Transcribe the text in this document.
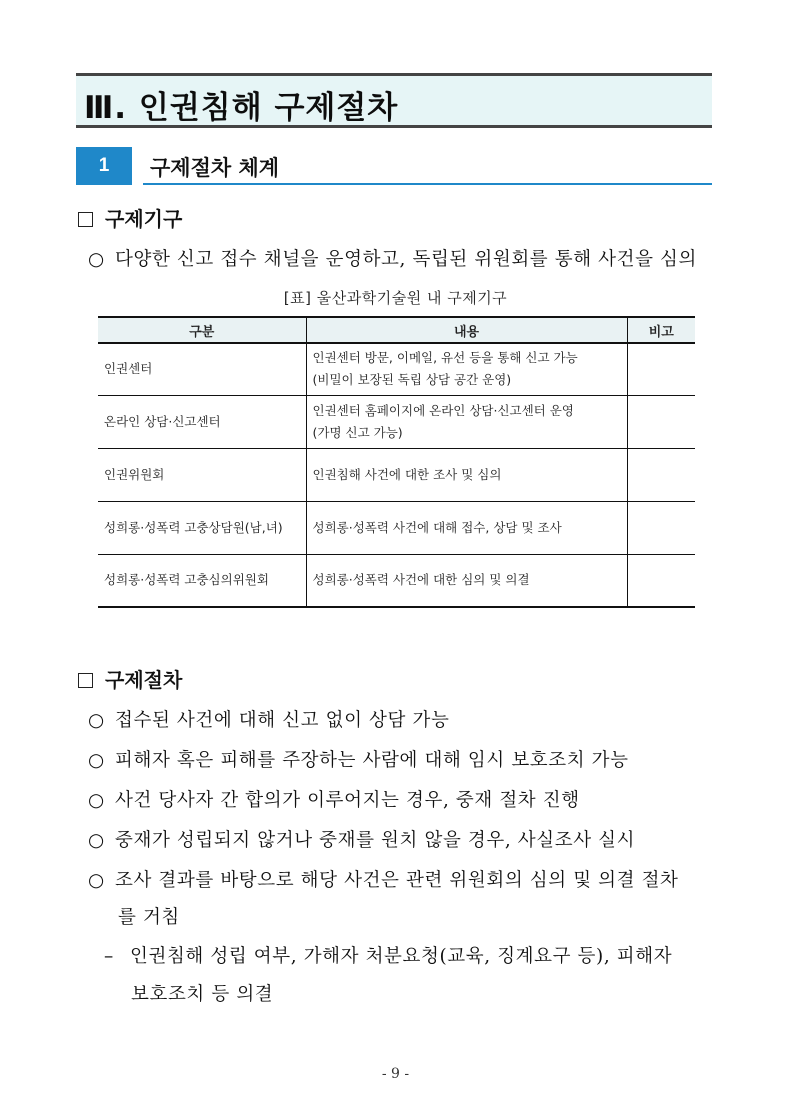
Ⅲ. 인권침해 구제절차
1	구제절차 체계
구제기구
○ 다양한 신고 접수 채널을 운영하고, 독립된 위원회를 통해 사건을 심의
[표] 울산과학기술원 내 구제기구
구분	내용	비고
인권센터	인권센터 방문, 이메일, 유선 등을 통해 신고 가능
(비밀이 보장된 독립 상담 공간 운영)	

온라인 상담·신고센터	인권센터 홈페이지에 온라인 상담·신고센터 운영
(가명 신고 가능)	

인권위원회	인권침해 사건에 대한 조사 및 심의	
성희롱·성폭력 고충상담원(남,녀)	성희롱·성폭력 사건에 대해 접수, 상담 및 조사	
성희롱·성폭력 고충심의위원회	성희롱·성폭력 사건에 대한 심의 및 의결	
구제절차
○ 접수된 사건에 대해 신고 없이 상담 가능
○ 피해자 혹은 피해를 주장하는 사람에 대해 임시 보호조치 가능
○ 사건 당사자 간 합의가 이루어지는 경우, 중재 절차 진행
○ 중재가 성립되지 않거나 중재를 원치 않을 경우, 사실조사 실시
○ 조사 결과를 바탕으로 해당 사건은 관련 위원회의 심의 및 의결 절차
를 거침
– 인권침해 성립 여부, 가해자 처분요청(교육, 징계요구 등), 피해자
보호조치 등 의결
- 9 -
